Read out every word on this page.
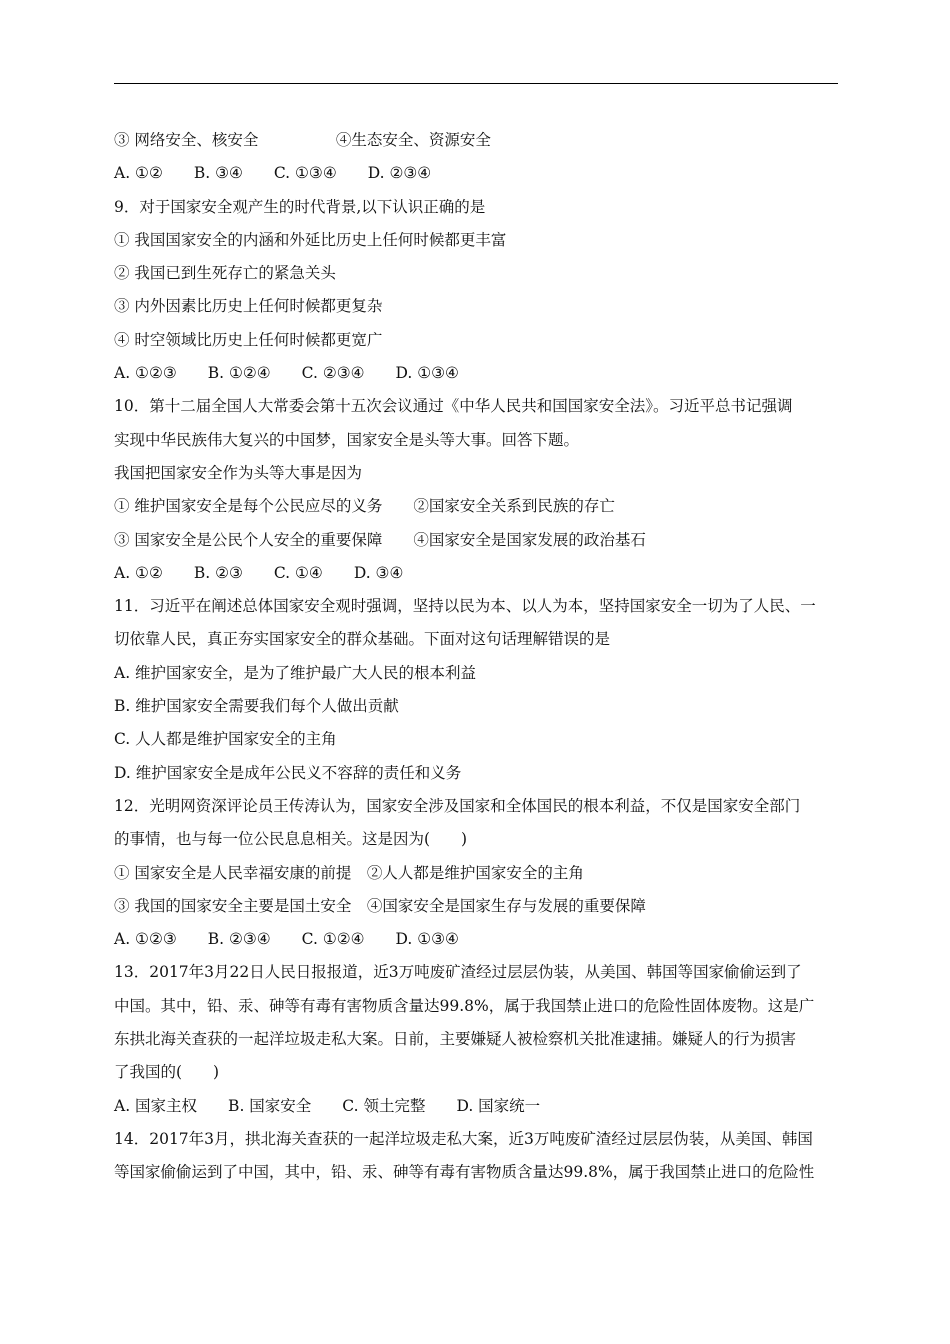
③ 网络安全、核安全　　　　　④生态安全、资源安全
A. ①②　　B. ③④　　C. ①③④　　D. ②③④
9．对于国家安全观产生的时代背景,以下认识正确的是
① 我国国家安全的内涵和外延比历史上任何时候都更丰富
② 我国已到生死存亡的紧急关头
③ 内外因素比历史上任何时候都更复杂
④ 时空领域比历史上任何时候都更宽广
A. ①②③　　B. ①②④　　C. ②③④　　D. ①③④
10．第十二届全国人大常委会第十五次会议通过《中华人民共和国国家安全法》。习近平总书记强调
实现中华民族伟大复兴的中国梦，国家安全是头等大事。回答下题。
我国把国家安全作为头等大事是因为
① 维护国家安全是每个公民应尽的义务　　②国家安全关系到民族的存亡
③ 国家安全是公民个人安全的重要保障　　④国家安全是国家发展的政治基石
A. ①②　　B. ②③　　C. ①④　　D. ③④
11．习近平在阐述总体国家安全观时强调，坚持以民为本、以人为本，坚持国家安全一切为了人民、一
切依靠人民，真正夯实国家安全的群众基础。下面对这句话理解错误的是
A. 维护国家安全，是为了维护最广大人民的根本利益
B. 维护国家安全需要我们每个人做出贡献
C. 人人都是维护国家安全的主角
D. 维护国家安全是成年公民义不容辞的责任和义务
12．光明网资深评论员王传涛认为，国家安全涉及国家和全体国民的根本利益，不仅是国家安全部门
的事情，也与每一位公民息息相关。这是因为(　　)
① 国家安全是人民幸福安康的前提　②人人都是维护国家安全的主角
③ 我国的国家安全主要是国土安全　④国家安全是国家生存与发展的重要保障
A. ①②③　　B. ②③④　　C. ①②④　　D. ①③④
13．2017年3月22日人民日报报道，近3万吨废矿渣经过层层伪装，从美国、韩国等国家偷偷运到了
中国。其中，铅、汞、砷等有毒有害物质含量达99.8%，属于我国禁止进口的危险性固体废物。这是广
东拱北海关查获的一起洋垃圾走私大案。日前，主要嫌疑人被检察机关批准逮捕。嫌疑人的行为损害
了我国的(　　)
A. 国家主权　　B. 国家安全　　C. 领土完整　　D. 国家统一
14．2017年3月，拱北海关查获的一起洋垃圾走私大案，近3万吨废矿渣经过层层伪装，从美国、韩国
等国家偷偷运到了中国，其中，铅、汞、砷等有毒有害物质含量达99.8%，属于我国禁止进口的危险性
